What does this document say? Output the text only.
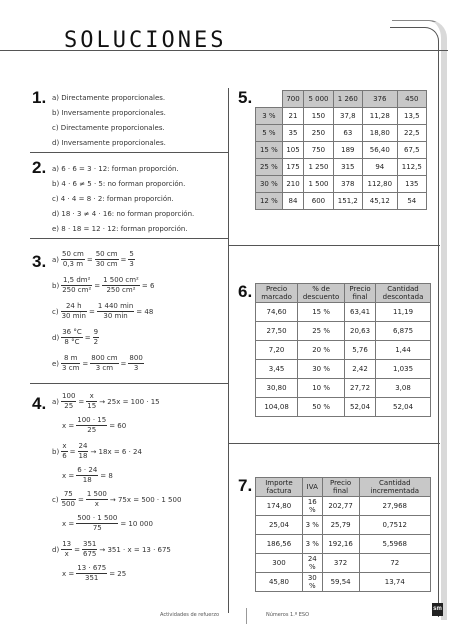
SOLUCIONES
1. a) Directamente proporcionales.
b) Inversamente proporcionales.
c) Directamente proporcionales.
d) Inversamente proporcionales.
2. a) 6 · 6 = 3 · 12: forman proporción.
b) 4 · 6 ≠ 5 · 5: no forman proporción.
c) 4 · 4 = 8 · 2: forman proporción.
d) 18 · 3 ≠ 4 · 16: no forman proporción.
e) 8 · 18 = 12 · 12: forman proporción.
3. $a) \frac{50 cm}{0,3 m} = \frac{50 cm}{30 cm} = \frac{5}{3}$
$b) \frac{\text{1,5 dm²}}{\text{250 cm²}} = \frac{\text{1 500 cm²}}{\text{250 cm²}} = 6$
$c) \frac{24 h}{30 \min} = \frac{1 440 \min}{30 \min} = 48$
$d) \frac{36 ^\circ C}{8 ^\circ C} = \frac{9}{2}$
$e) \frac{8 m}{3 cm} = \frac{800 cm}{3 cm} = \frac{800}{3}$
4. $a) \frac{100}{25} = \frac{x}{15} \to 25x = 100 \cdot 15$
$x = \frac{100 \cdot 15}{25} = 60$
$b) \frac{x}{6} = \frac{24}{18} \to 18x = 6 \cdot 24$
$x = \frac{6 \cdot 24}{18} = 8$
$c) \frac{75}{500} = \frac{1 500}{x} \to 75x = 500 \cdot 1$ 500
$x = \frac{500 \cdot 1 500}{75} = 10$ 000
$d) \frac{13}{x} = \frac{351}{675} \to 351 \cdot x = 13 \cdot 675$
$x = \frac{13 \cdot 675}{351} = 25$
5.
		700	5 000	1 260	376	450
3 %	21	150	37,8	11,28	13,5
5 %	35	250	63	18,80	22,5
15 %	105	750	189	56,40	67,5
25 %	175	1 250	315	94	112,5
30 %	210	1 500	378	112,80	135
12 %	84	600	151,2	45,12	54
6. Precio marcado	% de descuento	Precio final	Cantidad descontada
74,60	15 %	63,41	11,19
27,50	25 %	20,63	6,875
7,20	20 %	5,76	1,44
3,45	30 %	2,42	1,035
30,80	10 %	27,72	3,08
104,08	50 %	52,04	52,04
7. Importe factura	IVA	Precio final	Cantidad incrementada
174,80	16 %	202,77	27,968
25,04	3 %	25,79	0,7512
186,56	3 %	192,16	5,5968
300	24 %	372	72
45,80	30 %	59,54	13,74
Actividades de refuerzo	Números 1.º ESO
sm
